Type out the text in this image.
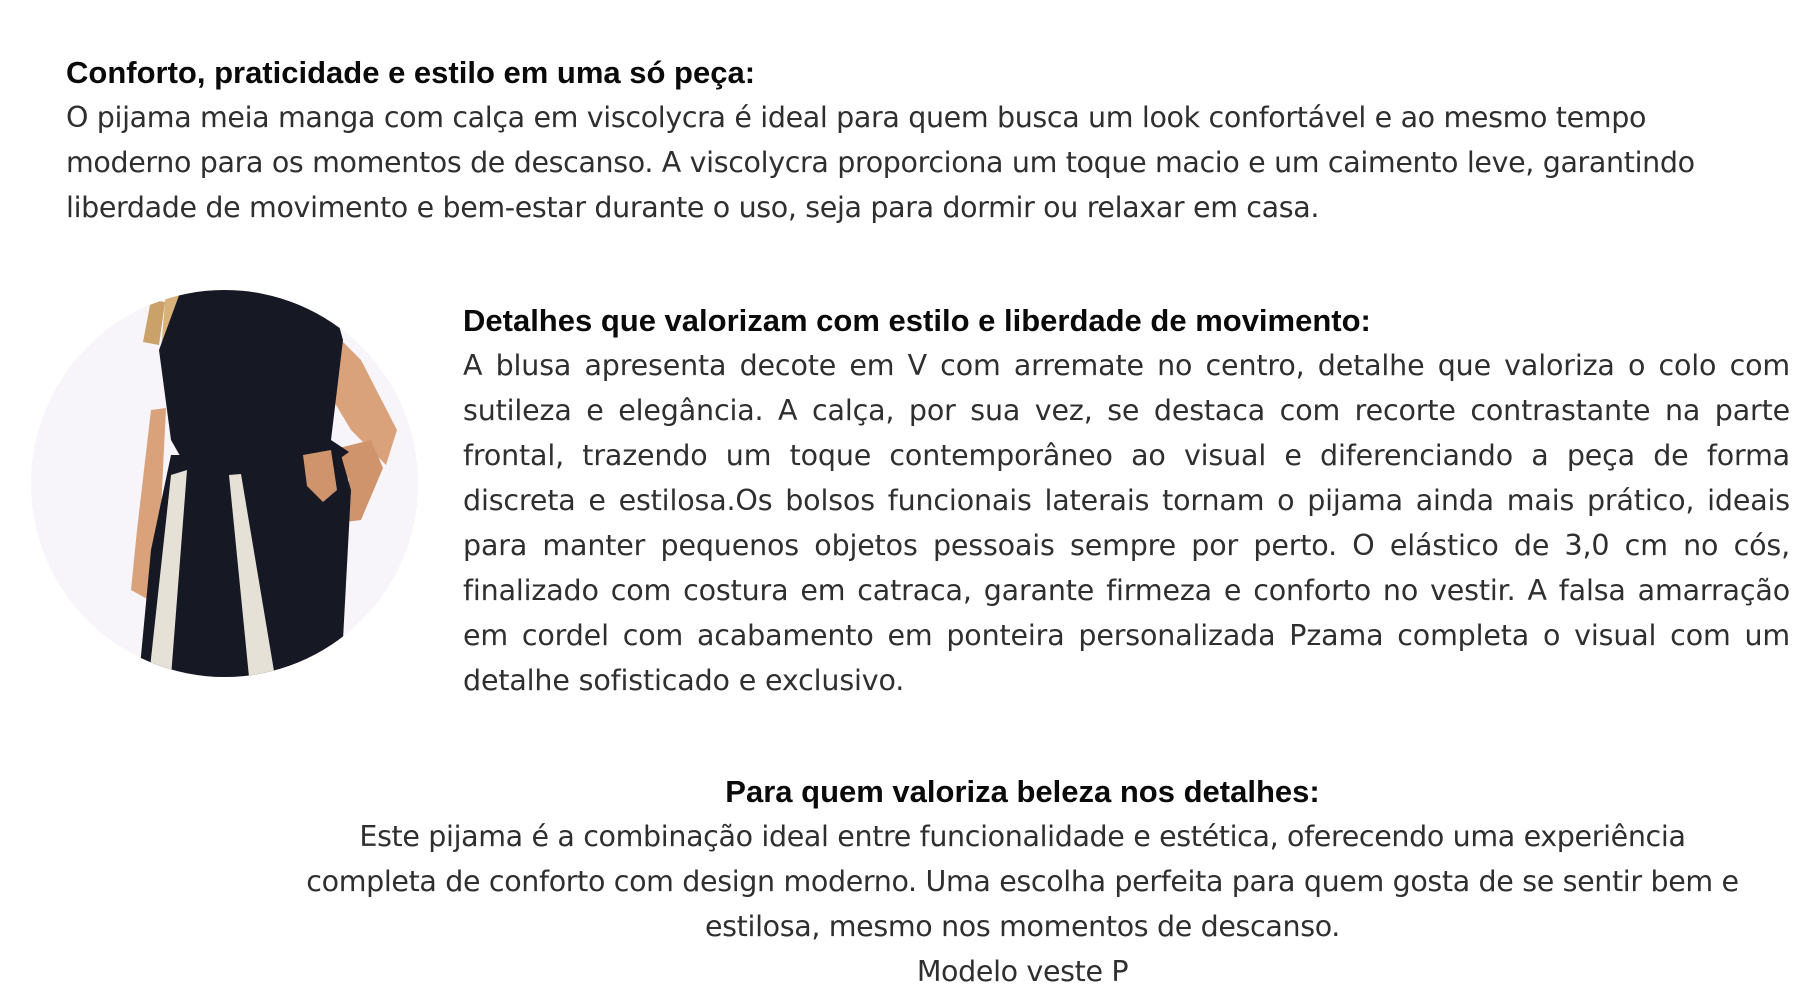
Conforto, praticidade e estilo em uma só peça:

O pijama meia manga com calça em viscolycra é ideal para quem busca um look confortável e ao mesmo tempo
moderno para os momentos de descanso. A viscolycra proporciona um toque macio e um caimento leve, garantindo
liberdade de movimento e bem-estar durante o uso, seja para dormir ou relaxar em casa.

Detalhes que valorizam com estilo e liberdade de movimento:

A blusa apresenta decote em V com arremate no centro, detalhe que valoriza o colo com sutileza e elegância. A calça, por sua vez, se destaca com recorte contrastante na parte frontal, trazendo um toque contemporâneo ao visual e diferenciando a peça de forma discreta e estilosa.Os bolsos funcionais laterais tornam o pijama ainda mais prático, ideais para manter pequenos objetos pessoais sempre por perto. O elástico de 3,0 cm no cós, finalizado com costura em catraca, garante firmeza e conforto no vestir. A falsa amarração em cordel com acabamento em ponteira personalizada Pzama completa o visual com um detalhe sofisticado e exclusivo.

Para quem valoriza beleza nos detalhes:

Este pijama é a combinação ideal entre funcionalidade e estética, oferecendo uma experiência
completa de conforto com design moderno. Uma escolha perfeita para quem gosta de se sentir bem e
estilosa, mesmo nos momentos de descanso.

Modelo veste P
